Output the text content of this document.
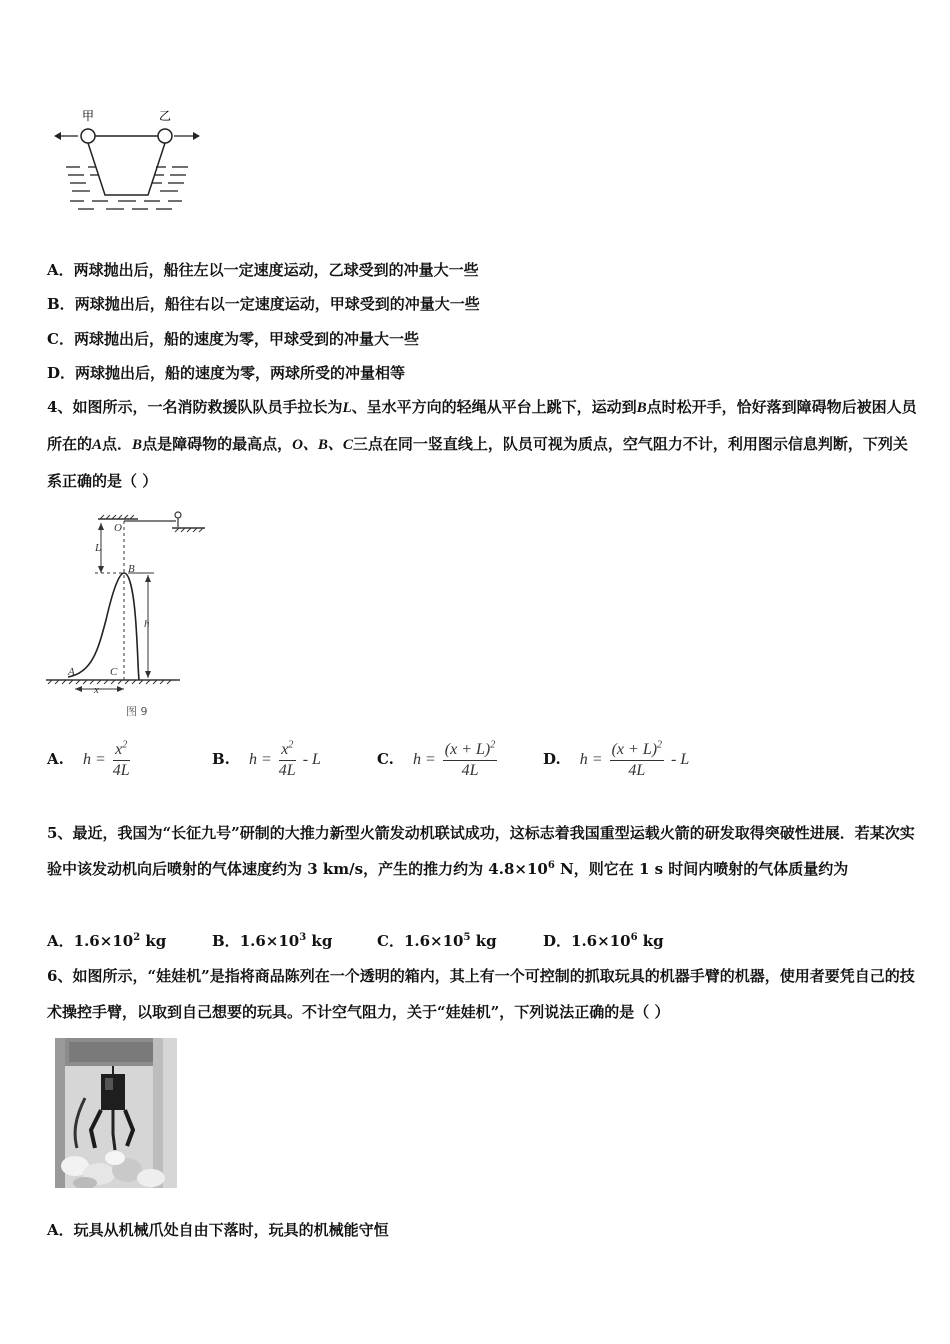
甲	乙
A．两球抛出后，船往左以一定速度运动，乙球受到的冲量大一些
B．两球抛出后，船往右以一定速度运动，甲球受到的冲量大一些
C．两球抛出后，船的速度为零，甲球受到的冲量大一些
D．两球抛出后，船的速度为零，两球所受的冲量相等
4、如图所示，一名消防救援队队员手拉长为L、呈水平方向的轻绳从平台上跳下，运动到B点时松开手，恰好落到障碍物后被困人员所在的A点．B点是障碍物的最高点，O、B、C三点在同一竖直线上，队员可视为质点，空气阻力不计，利用图示信息判断，下列关系正确的是（ ）
O
L
B
h
A	C
x
图 9
A. $h = \frac{x^2}{4L}$	B. $h = \frac{x^2}{4L} - L$	C. $h = \frac{(x + L)^2}{4L}$	D. $h = \frac{(x + L)^2}{4L} - L$
5、最近，我国为“长征九号”研制的大推力新型火箭发动机联试成功，这标志着我国重型运载火箭的研发取得突破性进展．若某次实验中该发动机向后喷射的气体速度约为 3 km/s，产生的推力约为 $4.8\times 10^6$ N，则它在 1 s 时间内喷射的气体质量约为
A．$1.6\times 10^2$ kg	B．$1.6\times 10^3$ kg	C．$1.6\times 10^5$ kg	D．$1.6\times 10^6$ kg
6、如图所示，“娃娃机”是指将商品陈列在一个透明的箱内，其上有一个可控制的抓取玩具的机器手臂的机器，使用者要凭自己的技术操控手臂，以取到自己想要的玩具。不计空气阻力，关于“娃娃机”，下列说法正确的是（ ）
A．玩具从机械爪处自由下落时，玩具的机械能守恒
